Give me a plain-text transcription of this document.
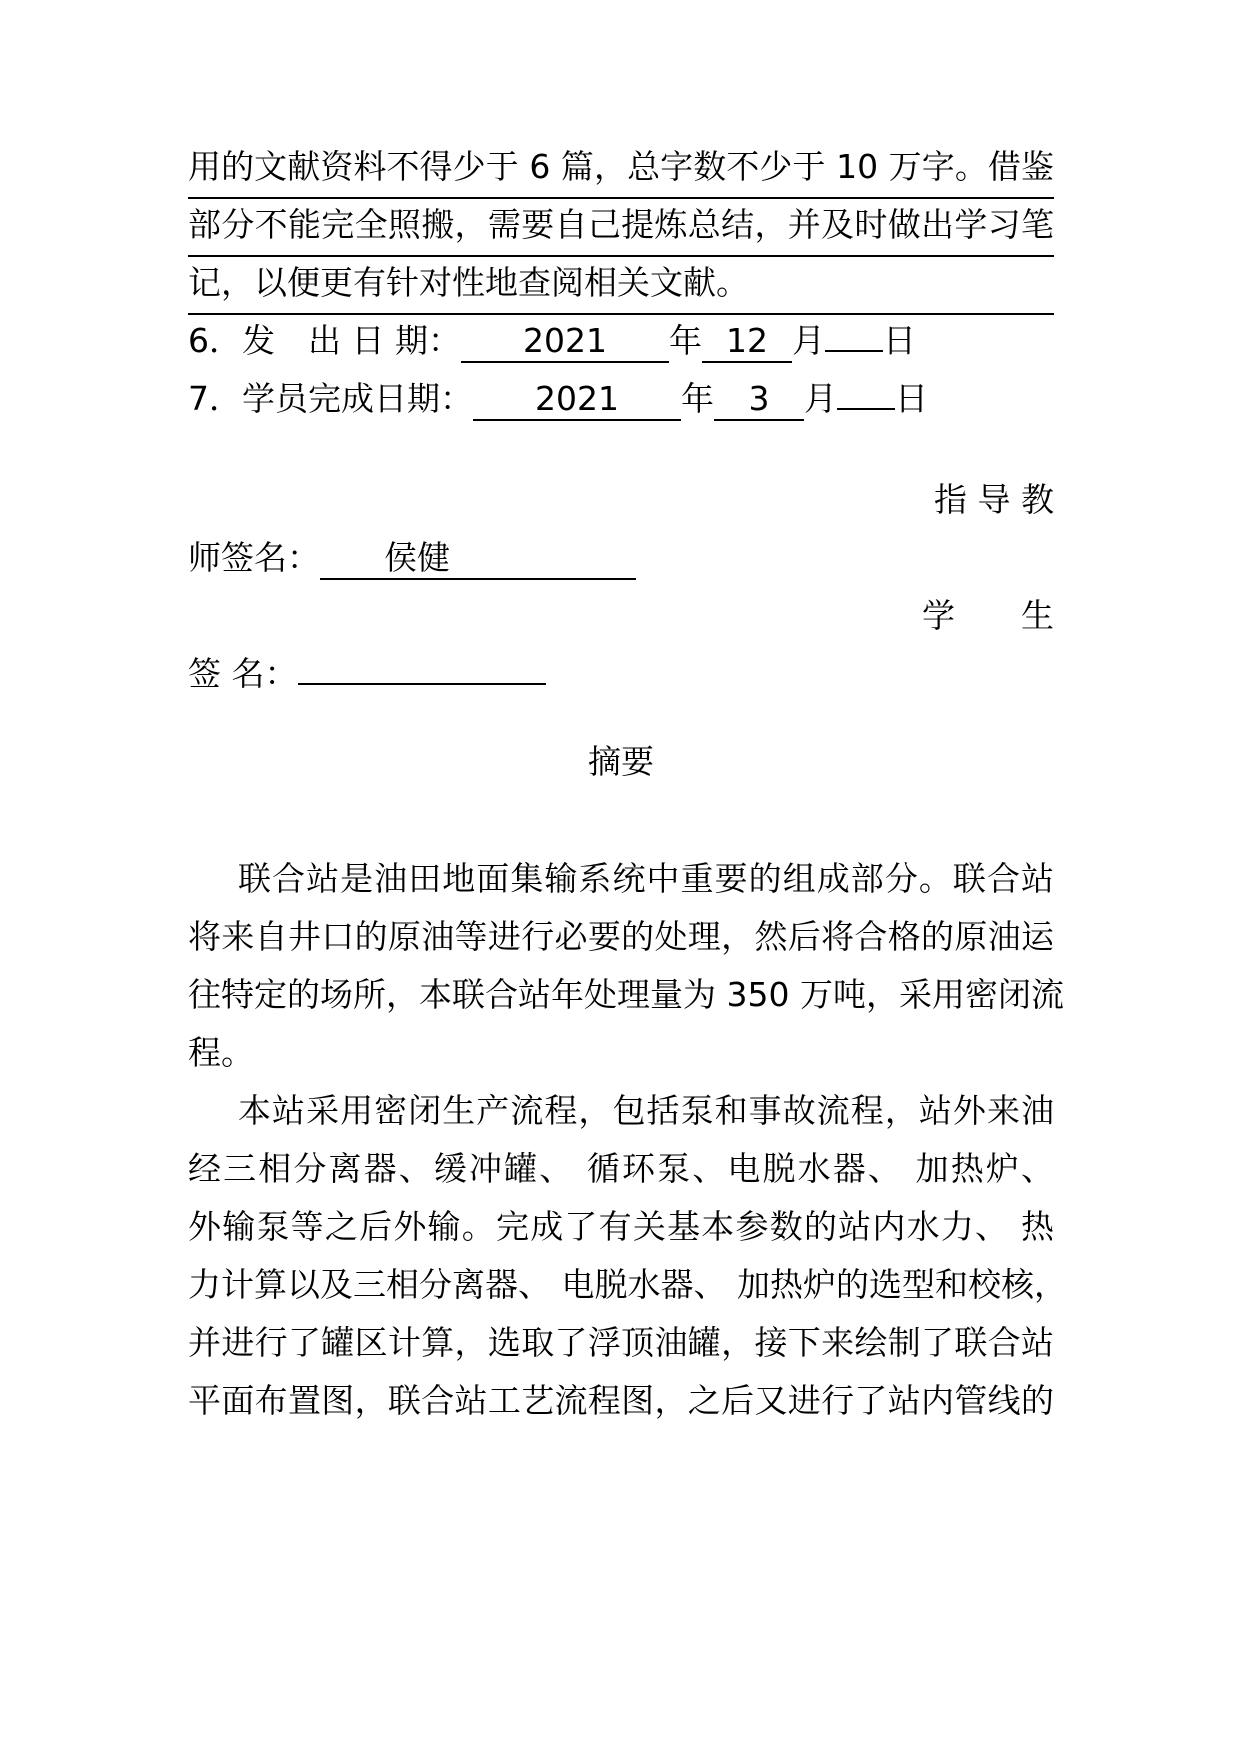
用的文献资料不得少于 6 篇，总字数不少于 10 万字。借鉴
部分不能完全照搬，需要自己提炼总结，并及时做出学习笔
记，以便更有针对性地查阅相关文献。
6．发　出 日 期： 2021 年 12 月 日
7．学员完成日期： 2021 年 3 月 日
指 导 教
师签名： 侯健
学　　生
签 名：
摘要
联合站是油田地面集输系统中重要的组成部分。联合站
将来自井口的原油等进行必要的处理，然后将合格的原油运
往特定的场所，本联合站年处理量为 350 万吨，采用密闭流
程。
本站采用密闭生产流程，包括泵和事故流程，站外来油
经三相分离器、缓冲罐、 循环泵、电脱水器、 加热炉、
外输泵等之后外输。完成了有关基本参数的站内水力、 热
力计算以及三相分离器、 电脱水器、 加热炉的选型和校核，
并进行了罐区计算，选取了浮顶油罐，接下来绘制了联合站
平面布置图，联合站工艺流程图，之后又进行了站内管线的
